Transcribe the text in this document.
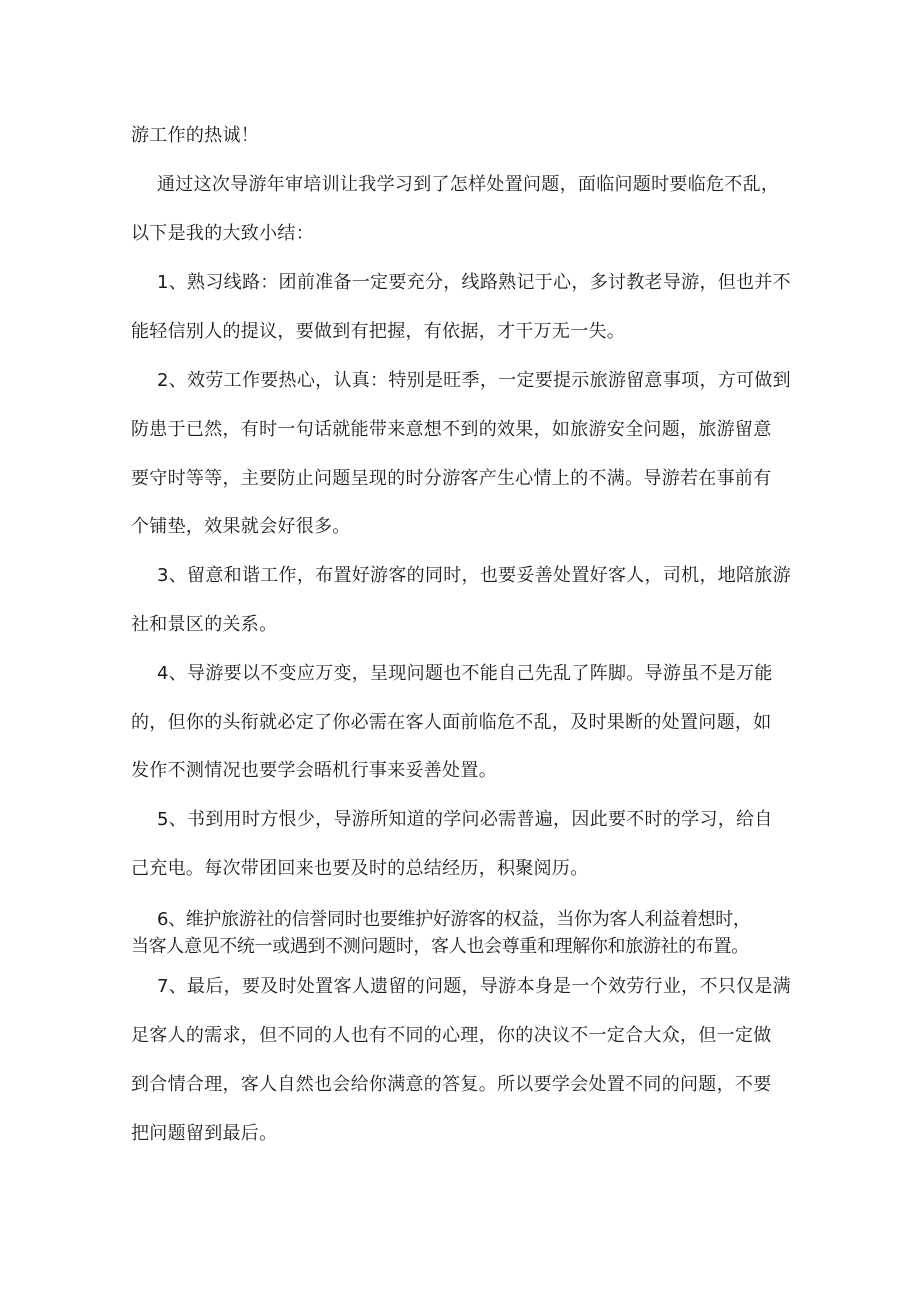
游工作的热诚！
通过这次导游年审培训让我学习到了怎样处置问题，面临问题时要临危不乱，
以下是我的大致小结：
1、熟习线路：团前准备一定要充分，线路熟记于心，多讨教老导游，但也并不
能轻信别人的提议，要做到有把握，有依据，才干万无一失。
2、效劳工作要热心，认真：特别是旺季，一定要提示旅游留意事项，方可做到
防患于已然，有时一句话就能带来意想不到的效果，如旅游安全问题，旅游留意
要守时等等，主要防止问题呈现的时分游客产生心情上的不满。导游若在事前有
个铺垫，效果就会好很多。
3、留意和谐工作，布置好游客的同时，也要妥善处置好客人，司机，地陪旅游
社和景区的关系。
4、导游要以不变应万变，呈现问题也不能自己先乱了阵脚。导游虽不是万能
的，但你的头衔就必定了你必需在客人面前临危不乱，及时果断的处置问题，如
发作不测情况也要学会晤机行事来妥善处置。
5、书到用时方恨少，导游所知道的学问必需普遍，因此要不时的学习，给自
己充电。每次带团回来也要及时的总结经历，积聚阅历。
6、维护旅游社的信誉同时也要维护好游客的权益，当你为客人利益着想时，
当客人意见不统一或遇到不测问题时，客人也会尊重和理解你和旅游社的布置。
7、最后，要及时处置客人遗留的问题，导游本身是一个效劳行业，不只仅是满
足客人的需求，但不同的人也有不同的心理，你的决议不一定合大众，但一定做
到合情合理，客人自然也会给你满意的答复。所以要学会处置不同的问题，不要
把问题留到最后。
